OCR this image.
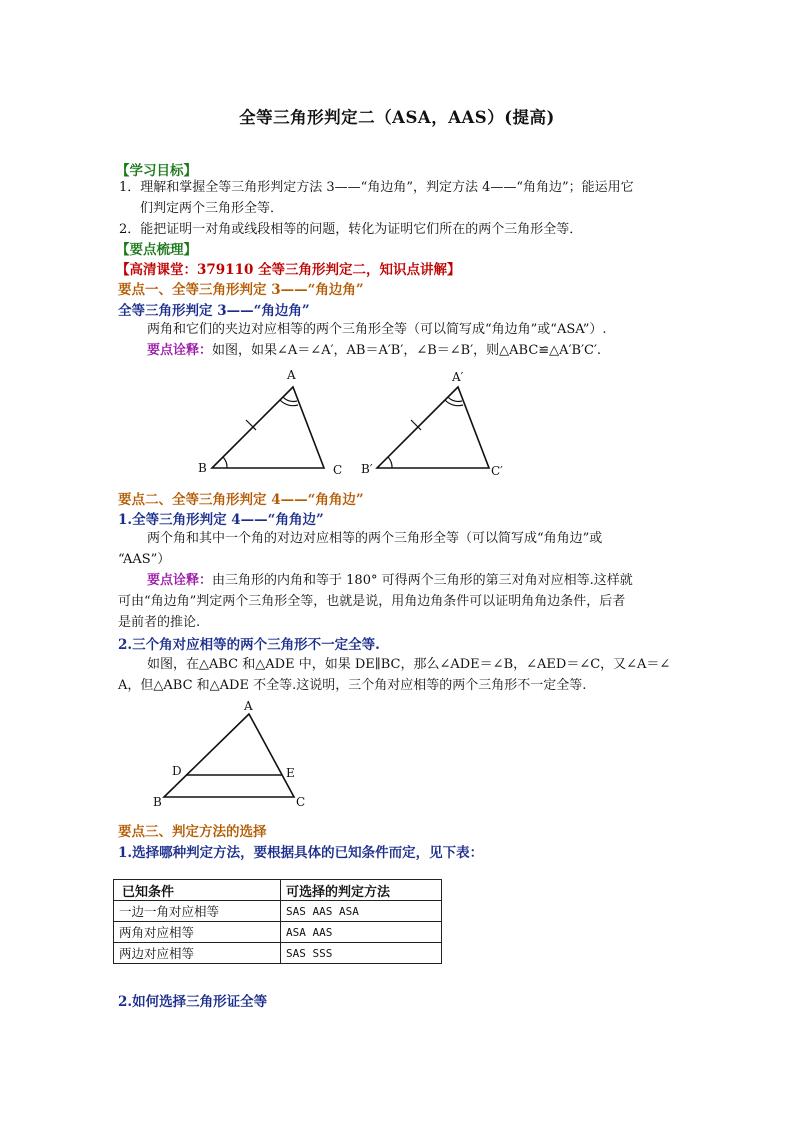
全等三角形判定二（ASA，AAS）(提高)
【学习目标】
1．理解和掌握全等三角形判定方法 3——“角边角”，判定方法 4——“角角边”；能运用它
们判定两个三角形全等．
2．能把证明一对角或线段相等的问题，转化为证明它们所在的两个三角形全等．
【要点梳理】
【高清课堂：379110 全等三角形判定二，知识点讲解】
要点一、全等三角形判定 3——“角边角”
全等三角形判定 3——“角边角”
两角和它们的夹边对应相等的两个三角形全等（可以简写成“角边角”或“ASA”）.
要点诠释：如图，如果∠A＝∠A′，AB＝A′B′，∠B＝∠B′，则△ABC≌△A′B′C′.
A
B	C
A′
B′	C′
要点二、全等三角形判定 4——“角角边”
1.全等三角形判定 4——“角角边”
两个角和其中一个角的对边对应相等的两个三角形全等（可以简写成“角角边”或
“AAS”）
要点诠释：由三角形的内角和等于 180° 可得两个三角形的第三对角对应相等.这样就
可由“角边角”判定两个三角形全等，也就是说，用角边角条件可以证明角角边条件，后者
是前者的推论.
2.三个角对应相等的两个三角形不一定全等.
如图，在△ABC 和△ADE 中，如果 DE∥BC，那么∠ADE＝∠B，∠AED＝∠C，又∠A＝∠
A，但△ABC 和△ADE 不全等.这说明，三个角对应相等的两个三角形不一定全等.
A
D	E
B	C
要点三、判定方法的选择
1.选择哪种判定方法，要根据具体的已知条件而定，见下表：
已知条件	可选择的判定方法
一边一角对应相等	SAS AAS ASA
两角对应相等	ASA AAS
两边对应相等	SAS SSS
2.如何选择三角形证全等
